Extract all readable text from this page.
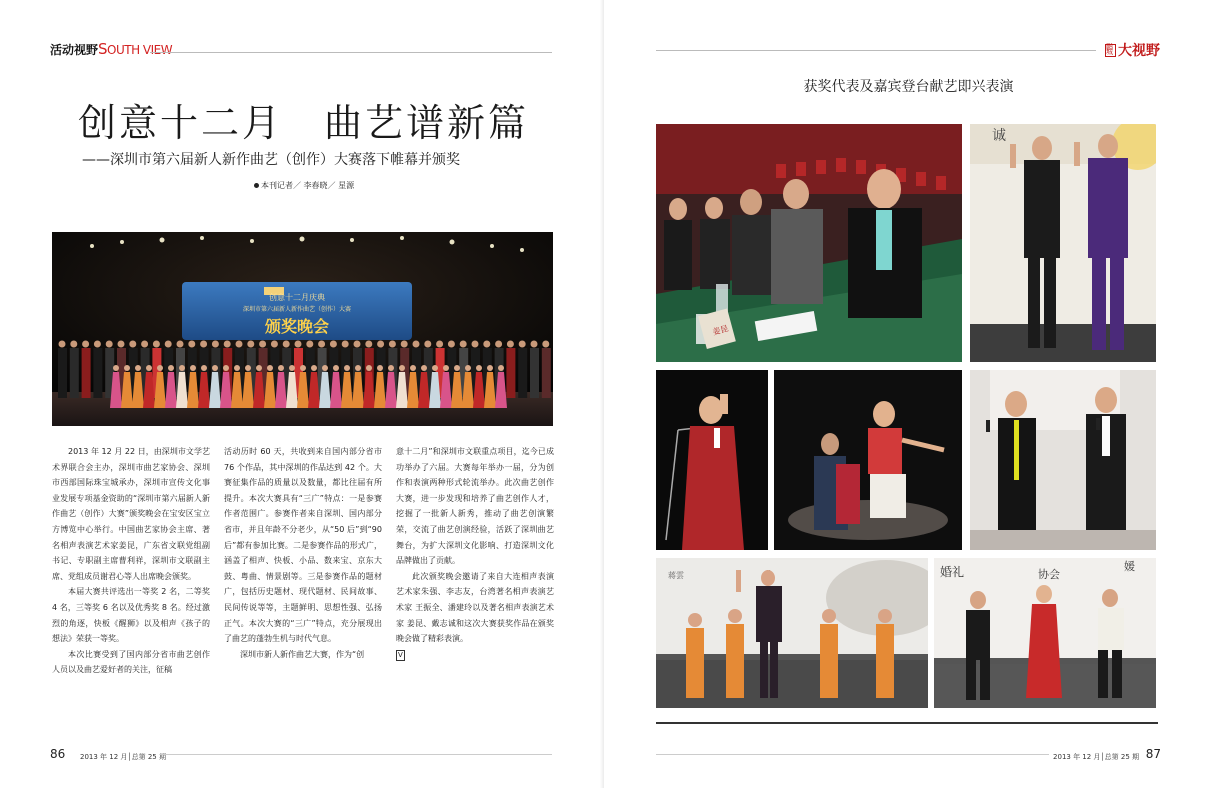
活动视野 SOUTH VIEW
创意十二月　曲艺谱新篇
——深圳市第六届新人新作曲艺（创作）大赛落下帷幕并颁奖
本刊记者／ 李春晓／ 星源
创意十二月庆典
深圳市第六届新人新作曲艺（创作）大赛
颁奖晚会

2013 年 12 月 22 日，由深圳市文学艺术界联合会主办，深圳市曲艺家协会、深圳市西部国际珠宝城承办，深圳市宣传文化事业发展专项基金资助的“深圳市第六届新人新作曲艺（创作）大赛”颁奖晚会在宝安区宝立方博览中心举行。中国曲艺家协会主席、著名相声表演艺术家姜昆，广东省文联党组副书记、专职副主席曹利祥，深圳市文联副主席、党组成员谢君心等人出席晚会颁奖。

本届大赛共评选出一等奖 2 名，二等奖 4 名，三等奖 6 名以及优秀奖 8 名。经过激烈的角逐，快板《醒狮》以及相声《孩子的想法》荣获一等奖。

本次比赛受到了国内部分省市曲艺创作人员以及曲艺爱好者的关注，征稿

活动历时 60 天，共收到来自国内部分省市 76 个作品，其中深圳的作品达到 42 个。大赛征集作品的质量以及数量，都比往届有所提升。本次大赛具有“三广”特点：一是参赛作者范围广。参赛作者来自深圳、国内部分省市，并且年龄不分老少，从“50 后”到“90 后”都有参加比赛。二是参赛作品的形式广，涵盖了相声、快板、小品、数来宝、京东大鼓、粤曲、情景剧等。三是参赛作品的题材广，包括历史题材、现代题材、民间故事、民间传说等等，主题鲜明、思想性强、弘扬正气。本次大赛的“三广”特点，充分展现出了曲艺的蓬勃生机与时代气息。

深圳市新人新作曲艺大赛，作为“创

意十二月”和深圳市文联重点项目，迄今已成功举办了六届。大赛每年举办一届，分为创作和表演两种形式轮流举办。此次曲艺创作大赛，进一步发现和培养了曲艺创作人才，挖掘了一批新人新秀，推动了曲艺创演繁荣，交流了曲艺创演经验，活跃了深圳曲艺舞台，为扩大深圳文化影响、打造深圳文化品牌做出了贡献。

此次颁奖晚会邀请了来自大连相声表演艺术家朱强、李志友，台湾著名相声表演艺术家 王振全、潘建玲以及著名相声表演艺术家 姜昆、戴志诚和这次大赛获奖作品在颁奖晚会做了精彩表演。

V

86 2013 年 12 月│总第 25 期
鹏城 大视野
获奖代表及嘉宾登台献艺即兴表演
姜昆
诚
蒋雲	婚礼	协会
媛
2013 年 12 月│总第 25 期 87
